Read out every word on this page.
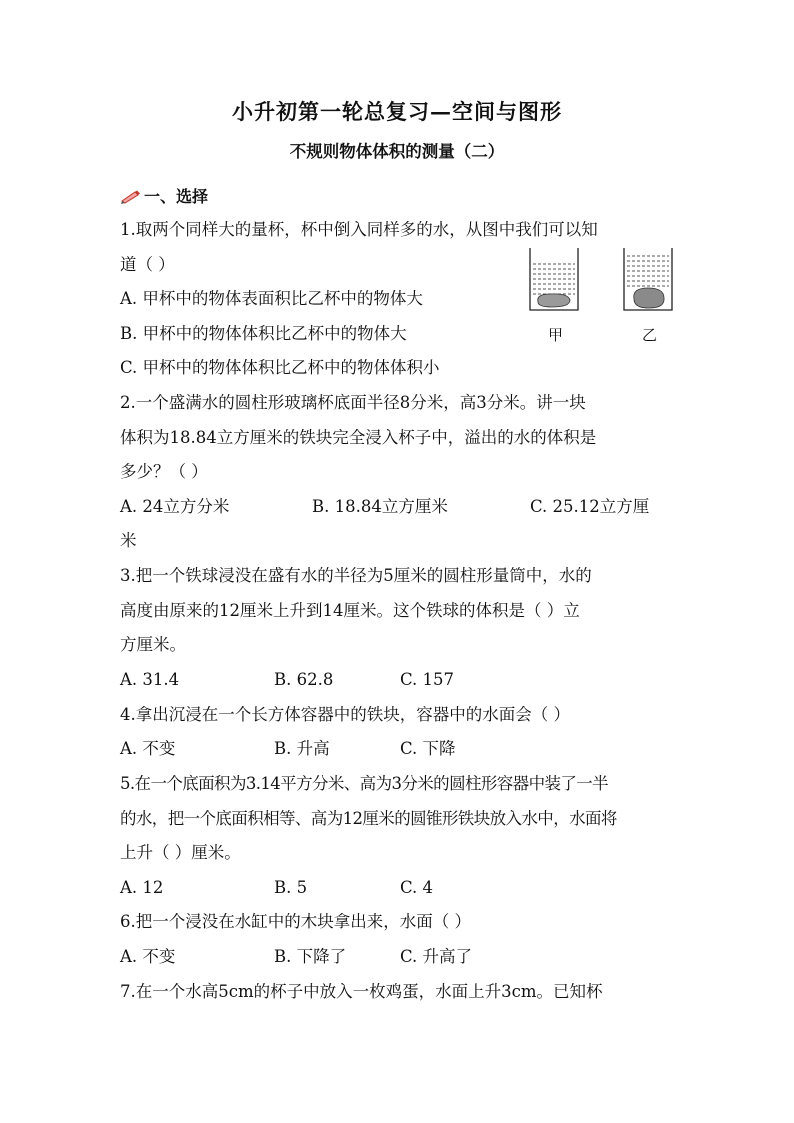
小升初第一轮总复习—空间与图形
不规则物体体积的测量（二）
一、选择
1.取两个同样大的量杯，杯中倒入同样多的水，从图中我们可以知
道（ ）
A. 甲杯中的物体表面积比乙杯中的物体大
B. 甲杯中的物体体积比乙杯中的物体大
C. 甲杯中的物体体积比乙杯中的物体体积小
甲	乙
2.一个盛满水的圆柱形玻璃杯底面半径8分米，高3分米。讲一块
体积为18.84立方厘米的铁块完全浸入杯子中，溢出的水的体积是
多少？（ ）
A. 24立方分米	B. 18.84立方厘米	C. 25.12立方厘
米
3.把一个铁球浸没在盛有水的半径为5厘米的圆柱形量筒中，水的
高度由原来的12厘米上升到14厘米。这个铁球的体积是（ ）立
方厘米。
A. 31.4	B. 62.8	C. 157
4.拿出沉浸在一个长方体容器中的铁块，容器中的水面会（ ）
A. 不变	B. 升高	C. 下降
5.在一个底面积为3.14平方分米、高为3分米的圆柱形容器中装了一半
的水，把一个底面积相等、高为12厘米的圆锥形铁块放入水中，水面将
上升（ ）厘米。
A. 12	B. 5	C. 4
6.把一个浸没在水缸中的木块拿出来，水面（ ）
A. 不变	B. 下降了	C. 升高了
7.在一个水高5cm的杯子中放入一枚鸡蛋，水面上升3cm。已知杯
